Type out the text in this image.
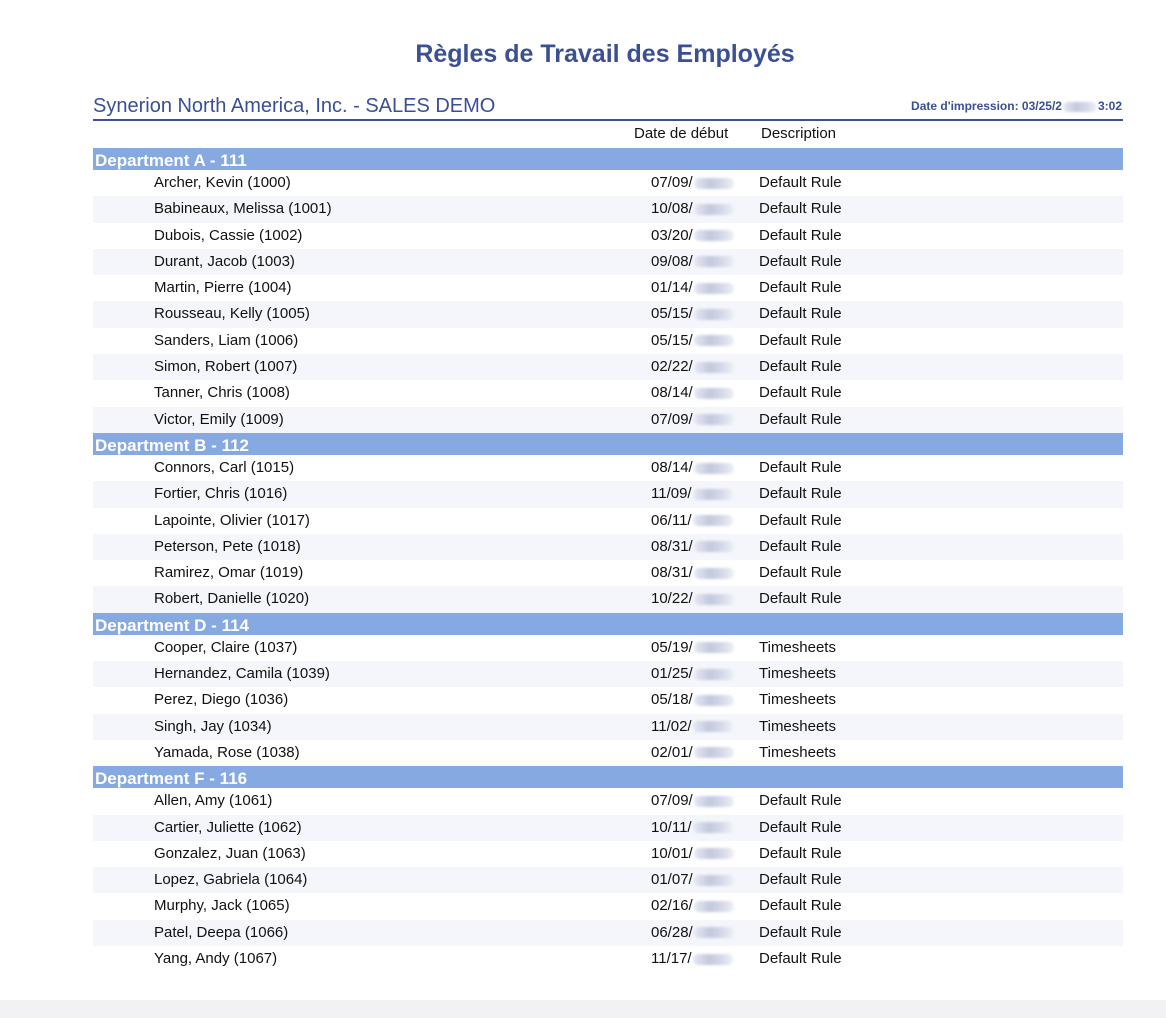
Règles de Travail des Employés
Synerion North America, Inc. - SALES DEMO	Date d'impression: 03/25/2	3:02
Date de début Description
Department A - 111
Archer, Kevin (1000)	07/09/	Default Rule
Babineaux, Melissa (1001)	10/08/	Default Rule
Dubois, Cassie (1002)	03/20/	Default Rule
Durant, Jacob (1003)	09/08/	Default Rule
Martin, Pierre (1004)	01/14/	Default Rule
Rousseau, Kelly (1005)	05/15/	Default Rule
Sanders, Liam (1006)	05/15/	Default Rule
Simon, Robert (1007)	02/22/	Default Rule
Tanner, Chris (1008)	08/14/	Default Rule
Victor, Emily (1009)	07/09/	Default Rule
Department B - 112
Connors, Carl (1015)	08/14/	Default Rule
Fortier, Chris (1016)	11/09/	Default Rule
Lapointe, Olivier (1017)	06/11/	Default Rule
Peterson, Pete (1018)	08/31/	Default Rule
Ramirez, Omar (1019)	08/31/	Default Rule
Robert, Danielle (1020)	10/22/	Default Rule
Department D - 114
Cooper, Claire (1037)	05/19/	Timesheets
Hernandez, Camila (1039)	01/25/	Timesheets
Perez, Diego (1036)	05/18/	Timesheets
Singh, Jay (1034)	11/02/	Timesheets
Yamada, Rose (1038)	02/01/	Timesheets
Department F - 116
Allen, Amy (1061)	07/09/	Default Rule
Cartier, Juliette (1062)	10/11/	Default Rule
Gonzalez, Juan (1063)	10/01/	Default Rule
Lopez, Gabriela (1064)	01/07/	Default Rule
Murphy, Jack (1065)	02/16/	Default Rule
Patel, Deepa (1066)	06/28/	Default Rule
Yang, Andy (1067)	11/17/	Default Rule
